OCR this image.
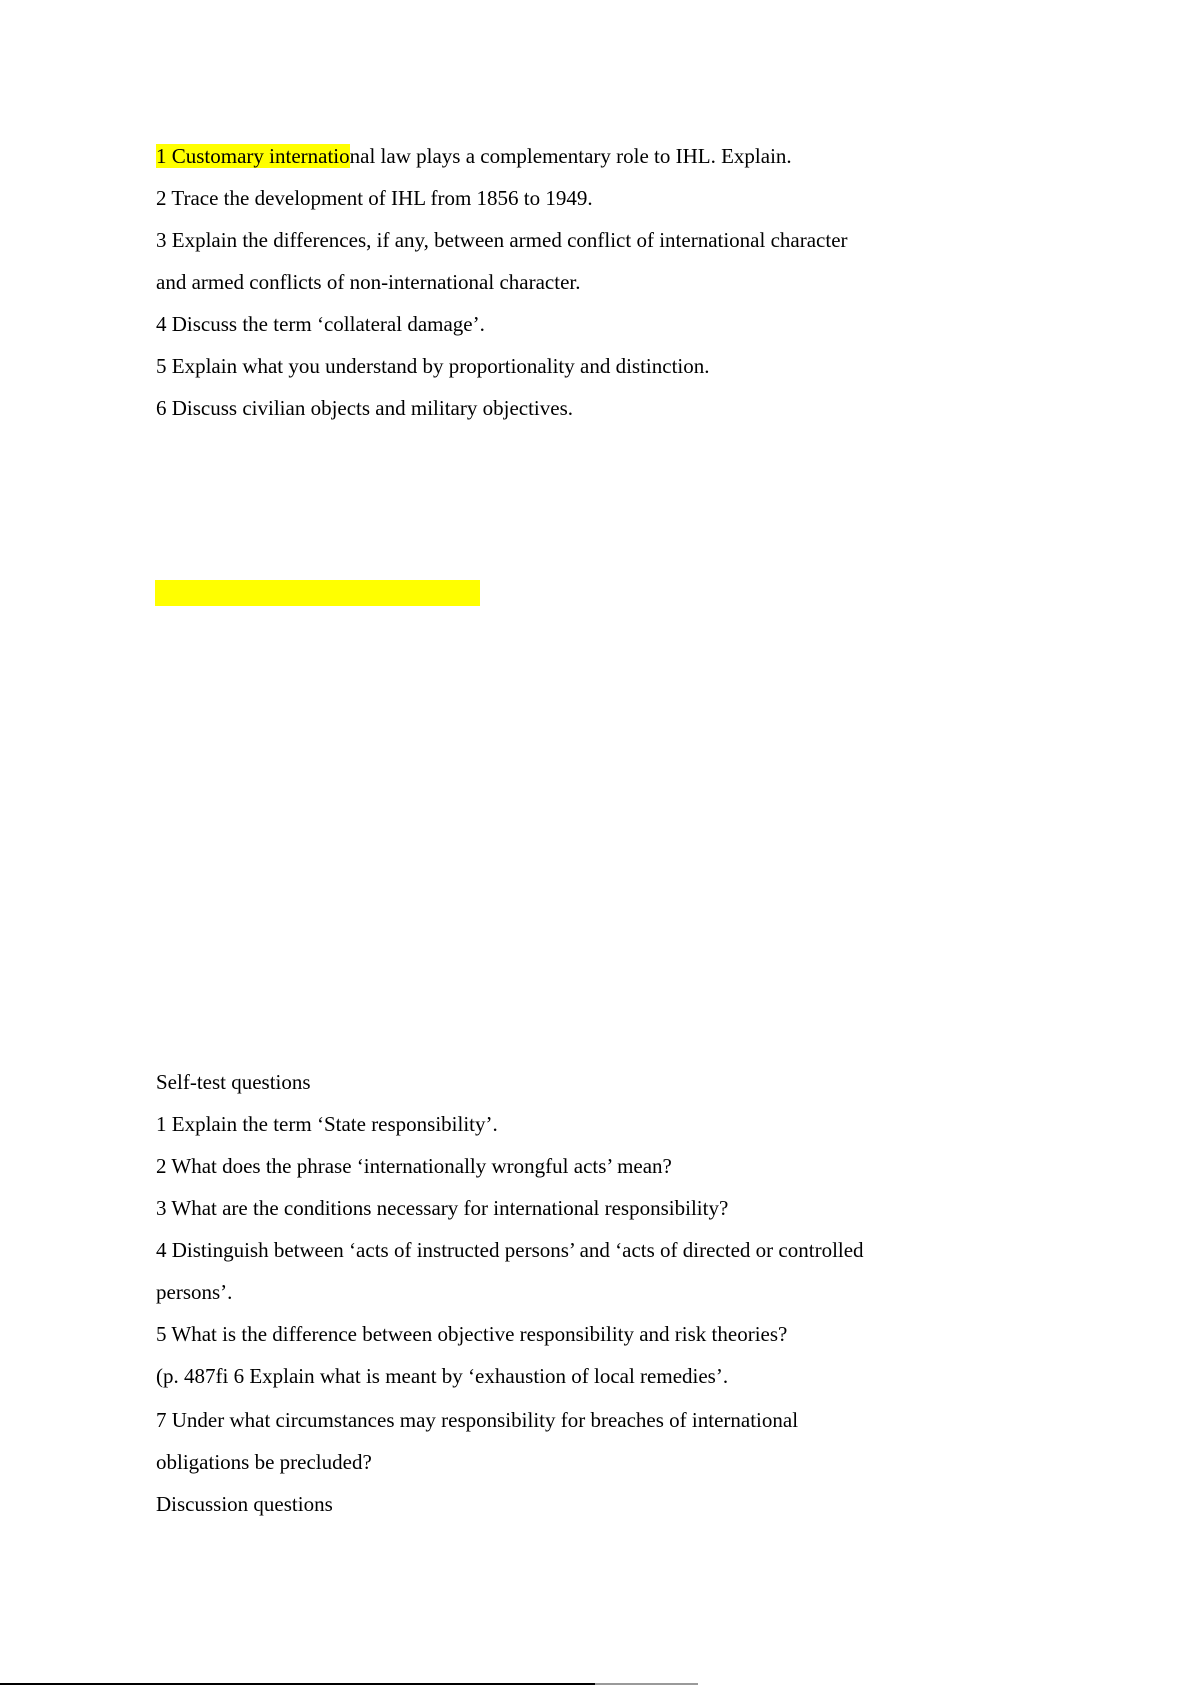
1 Customary international law plays a complementary role to IHL. Explain.
2 Trace the development of IHL from 1856 to 1949.
3 Explain the differences, if any, between armed conflict of international character
and armed conflicts of non-international character.
4 Discuss the term ‘collateral damage’.
5 Explain what you understand by proportionality and distinction.
6 Discuss civilian objects and military objectives.
Self-test questions
1 Explain the term ‘State responsibility’.
2 What does the phrase ‘internationally wrongful acts’ mean?
3 What are the conditions necessary for international responsibility?
4 Distinguish between ‘acts of instructed persons’ and ‘acts of directed or controlled
persons’.
5 What is the difference between objective responsibility and risk theories?
(p. 487fi 6 Explain what is meant by ‘exhaustion of local remedies’.
7 Under what circumstances may responsibility for breaches of international
obligations be precluded?
Discussion questions
